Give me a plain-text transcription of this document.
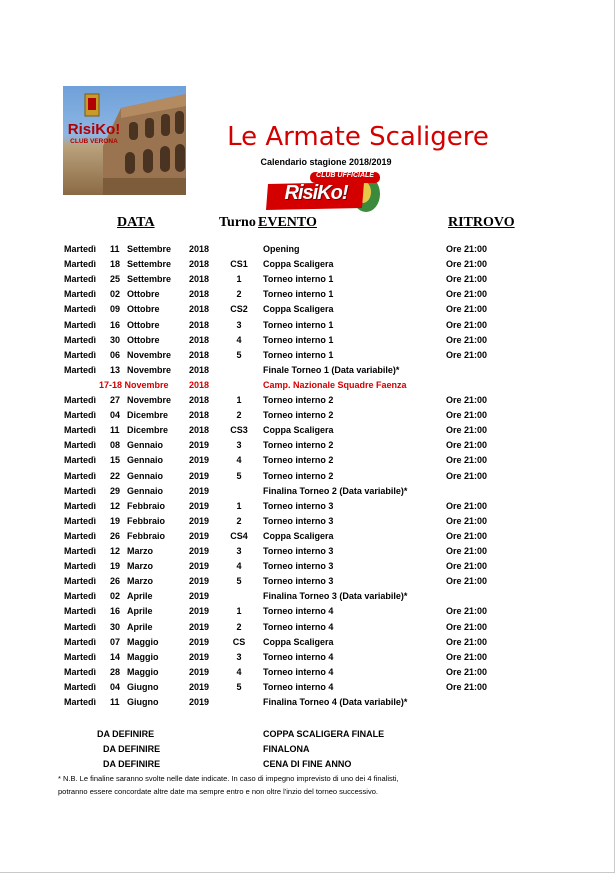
RisiKo!
CLUB VERONA	Le Armate Scaligere
Calendario stagione 2018/2019
CLUB UFFICIALE
RisiKo!
DATA	Turno EVENTO	RITROVO
Martedì 11 Settembre 2018	Opening	Ore 21:00
Martedì 18 Settembre 2018	CS1	Coppa Scaligera	Ore 21:00
Martedì 25 Settembre 2018	1	Torneo interno 1	Ore 21:00
Martedì 02 Ottobre	2018	2	Torneo interno 1	Ore 21:00
Martedì 09 Ottobre	2018	CS2	Coppa Scaligera	Ore 21:00
Martedì 16 Ottobre	2018	3	Torneo interno 1	Ore 21:00
Martedì 30 Ottobre	2018	4	Torneo interno 1	Ore 21:00
Martedì 06 Novembre 2018	5	Torneo interno 1	Ore 21:00
Martedì 13 Novembre 2018	Finale Torneo 1 (Data variabile)*
17-18 Novembre 2018	Camp. Nazionale Squadre Faenza
Martedì 27 Novembre 2018	1	Torneo interno 2	Ore 21:00
Martedì 04 Dicembre 2018	2	Torneo interno 2	Ore 21:00
Martedì 11 Dicembre 2018	CS3	Coppa Scaligera	Ore 21:00
Martedì 08 Gennaio	2019	3	Torneo interno 2	Ore 21:00
Martedì 15 Gennaio	2019	4	Torneo interno 2	Ore 21:00
Martedì 22 Gennaio	2019	5	Torneo interno 2	Ore 21:00
Martedì 29 Gennaio	2019	Finalina Torneo 2 (Data variabile)*
Martedì 12 Febbraio	2019	1	Torneo interno 3	Ore 21:00
Martedì 19 Febbraio	2019	2	Torneo interno 3	Ore 21:00
Martedì 26 Febbraio	2019	CS4	Coppa Scaligera	Ore 21:00
Martedì 12 Marzo	2019	3	Torneo interno 3	Ore 21:00
Martedì 19 Marzo	2019	4	Torneo interno 3	Ore 21:00
Martedì 26 Marzo	2019	5	Torneo interno 3	Ore 21:00
Martedì 02 Aprile	2019	Finalina Torneo 3 (Data variabile)*
Martedì 16 Aprile	2019	1	Torneo interno 4	Ore 21:00
Martedì 30 Aprile	2019	2	Torneo interno 4	Ore 21:00
Martedì 07 Maggio	2019	CS	Coppa Scaligera	Ore 21:00
Martedì 14 Maggio	2019	3	Torneo interno 4	Ore 21:00
Martedì 28 Maggio	2019	4	Torneo interno 4	Ore 21:00
Martedì 04 Giugno	2019	5	Torneo interno 4	Ore 21:00
Martedì 11 Giugno	2019	Finalina Torneo 4 (Data variabile)*
DA DEFINIRE	COPPA SCALIGERA FINALE
DA DEFINIRE	FINALONA
DA DEFINIRE	CENA DI FINE ANNO
* N.B. Le finaline saranno svolte nelle date indicate. In caso di impegno imprevisto di uno dei 4 finalisti,
potranno essere concordate altre date ma sempre entro e non oltre l'inzio del torneo successivo.
